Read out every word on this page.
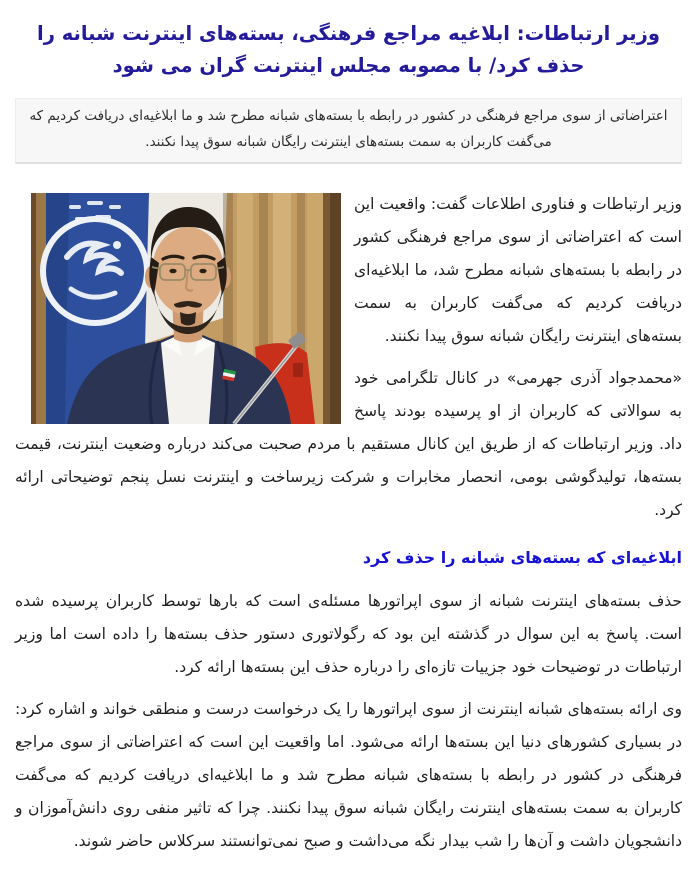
وزیر ارتباطات: ابلاغیه مراجع فرهنگی، بسته‌های اینترنت شبانه را حذف کرد/ با مصوبه مجلس اینترنت گران می شود
اعتراضاتی از سوی مراجع فرهنگی در کشور در رابطه با بسته‌های شبانه مطرح شد و ما ابلاغیه‌ای دریافت کردیم که می‌گفت کاربران به سمت بسته‌های اینترنت رایگان شبانه سوق پیدا نکنند.

وزیر ارتباطات و فناوری اطلاعات گفت: واقعیت این است که اعتراضاتی از سوی مراجع فرهنگی کشور در رابطه با بسته‌های شبانه مطرح شد، ما ابلاغیه‌ای دریافت کردیم که می‌گفت کاربران به سمت بسته‌های اینترنت رایگان شبانه سوق پیدا نکنند.

«محمدجواد آذری جهرمی» در کانال تلگرامی خود به سوالاتی که کاربران از او پرسیده بودند پاسخ داد. وزیر ارتباطات که از طریق این کانال مستقیم با مردم صحبت می‌کند درباره وضعیت اینترنت، قیمت بسته‌ها، تولیدگوشی بومی، انحصار مخابرات و شرکت زیرساخت و اینترنت نسل پنجم توضیحاتی ارائه کرد.

ابلاغیه‌ای که بسته‌های شبانه را حذف کرد

حذف بسته‌های اینترنت شبانه از سوی اپراتورها مسئله‌ی است که بارها توسط کاربران پرسیده شده است. پاسخ به این سوال در گذشته این بود که رگولاتوری دستور حذف بسته‌ها را داده است اما وزیر ارتباطات در توضیحات خود جزییات تازه‌ای را درباره حذف این بسته‌ها ارائه کرد.

وی ارائه بسته‌های شبانه اینترنت از سوی اپراتورها را یک درخواست درست و منطقی خواند و اشاره کرد: در بسیاری کشورهای دنیا این بسته‌ها ارائه می‌شود. اما واقعیت این است که اعتراضاتی از سوی مراجع فرهنگی در کشور در رابطه با بسته‌های شبانه مطرح شد و ما ابلاغیه‌ای دریافت کردیم که می‌گفت کاربران به سمت بسته‌های اینترنت رایگان شبانه سوق پیدا نکنند. چرا که تاثیر منفی روی دانش‌آموزان و دانشجویان داشت و آن‌ها را شب بیدار نگه می‌داشت و صبح نمی‌توانستند سرکلاس حاضر شوند.
